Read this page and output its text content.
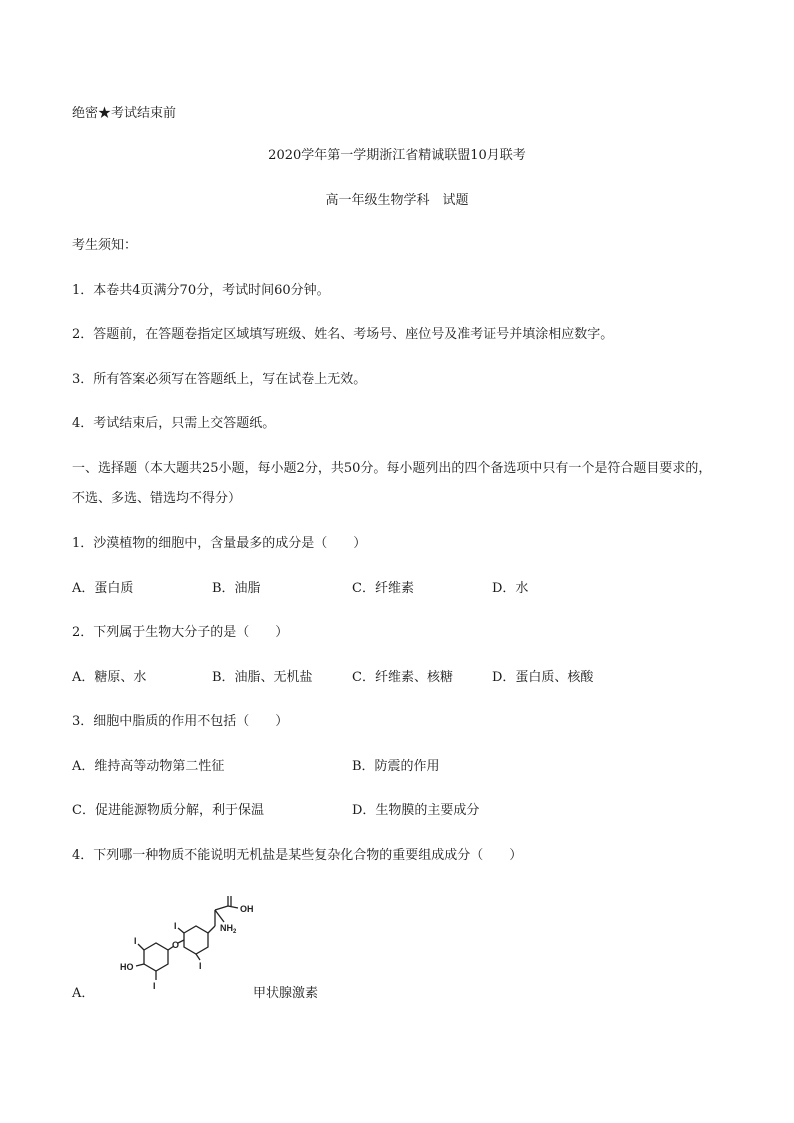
绝密★考试结束前
2020学年第一学期浙江省精诚联盟10月联考
高一年级生物学科　试题
考生须知：
1．本卷共4页满分70分，考试时间60分钟。
2．答题前，在答题卷指定区域填写班级、姓名、考场号、座位号及准考证号并填涂相应数字。
3．所有答案必须写在答题纸上，写在试卷上无效。
4．考试结束后，只需上交答题纸。
一、选择题（本大题共25小题，每小题2分，共50分。每小题列出的四个备选项中只有一个是符合题目要求的，不选、多选、错选均不得分）
1．沙漠植物的细胞中，含量最多的成分是（　　）
A．蛋白质	B．油脂	C．纤维素	D．水
2．下列属于生物大分子的是（　　）
A．糖原、水	B．油脂、无机盐	C．纤维素、核糖	D．蛋白质、核酸
3．细胞中脂质的作用不包括（　　）
A．维持高等动物第二性征	B．防震的作用
C．促进能源物质分解，利于保温	D．生物膜的主要成分
4．下列哪一种物质不能说明无机盐是某些复杂化合物的重要组成成分（　　）
OH
$NH_2$
HO
O
I
I
I
I
A．	甲状腺激素
